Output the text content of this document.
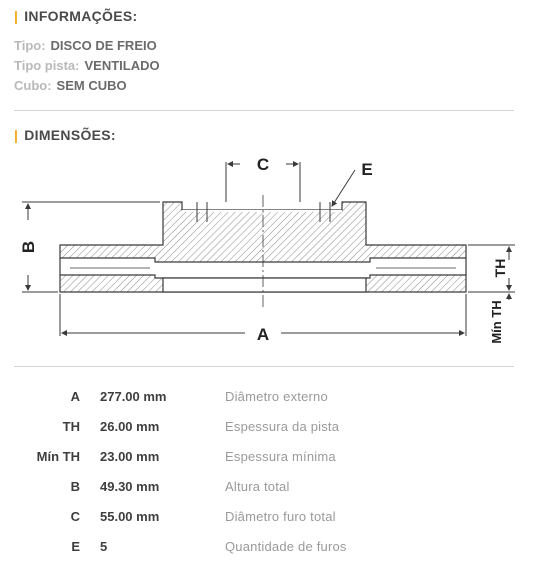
| INFORMAÇÕES:
Tipo: DISCO DE FREIO
Tipo pista: VENTILADO
Cubo: SEM CUBO
| DIMENSÕES:
C	E
B
A
TH
Mín TH
A 277.00 mm	Diâmetro externo
TH 26.00 mm	Espessura da pista
Mín TH 23.00 mm	Espessura mínima
B 49.30 mm	Altura total
C 55.00 mm	Diâmetro furo total
E 5	Quantidade de furos
